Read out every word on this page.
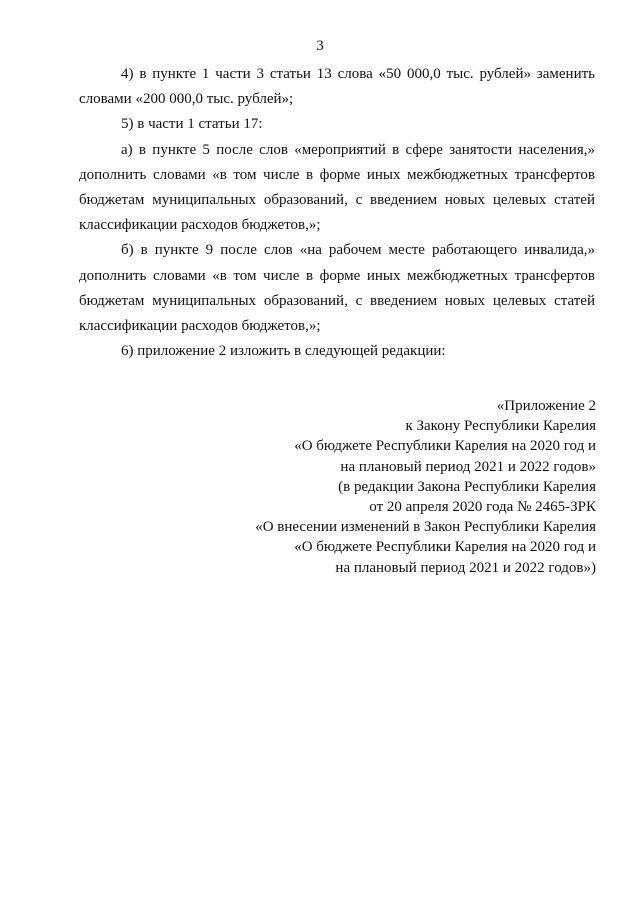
3

4) в пункте 1 части 3 статьи 13 слова «50 000,0 тыс. рублей» заменить словами «200 000,0 тыс. рублей»;

5) в части 1 статьи 17:

а) в пункте 5 после слов «мероприятий в сфере занятости населения,» дополнить словами «в том числе в форме иных межбюджетных трансфертов бюджетам муниципальных образований, с введением новых целевых статей классификации расходов бюджетов,»;

б) в пункте 9 после слов «на рабочем месте работающего инвалида,» дополнить словами «в том числе в форме иных межбюджетных трансфертов бюджетам муниципальных образований, с введением новых целевых статей классификации расходов бюджетов,»;

6) приложение 2 изложить в следующей редакции:

«Приложение 2
к Закону Республики Карелия
«О бюджете Республики Карелия на 2020 год и
на плановый период 2021 и 2022 годов»
(в редакции Закона Республики Карелия
от 20 апреля 2020 года № 2465-ЗРК
«О внесении изменений в Закон Республики Карелия
«О бюджете Республики Карелия на 2020 год и
на плановый период 2021 и 2022 годов»)
